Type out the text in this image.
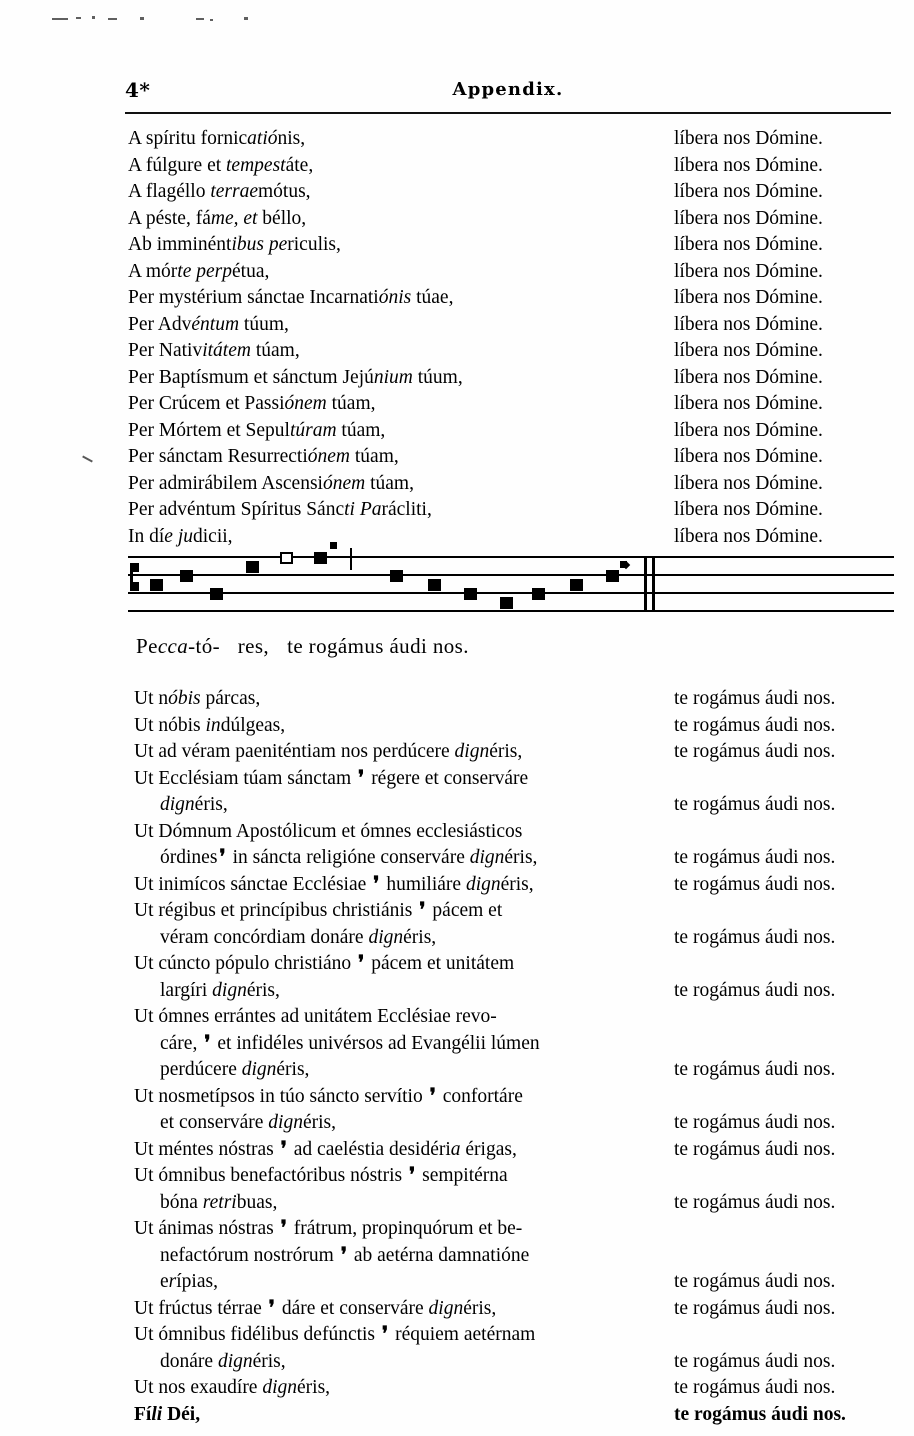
4*	Appendix.
A spíritu fornicatiónis,	líbera nos Dómine.
A fúlgure et tempestáte,	líbera nos Dómine.
A flagéllo terraemótus,	líbera nos Dómine.
A péste, fáme, et béllo,	líbera nos Dómine.
Ab imminéntibus periculis,	líbera nos Dómine.
A mórte perpétua,	líbera nos Dómine.
Per mystérium sánctae Incarnatiónis túae,	líbera nos Dómine.
Per Advéntum túum,	líbera nos Dómine.
Per Nativitátem túam,	líbera nos Dómine.
Per Baptísmum et sánctum Jejúnium túum,	líbera nos Dómine.
Per Crúcem et Passiónem túam,	líbera nos Dómine.
Per Mórtem et Sepultúram túam,	líbera nos Dómine.
Per sánctam Resurrectiónem túam,	líbera nos Dómine.
Per admirábilem Ascensiónem túam,	líbera nos Dómine.
Per advéntum Spíritus Sáncti Parácliti,	líbera nos Dómine.
In díe judicii,	líbera nos Dómine.
Pecca-tó- res, te rogámus áudi nos.
Ut nóbis párcas,	te rogámus áudi nos.
Ut nóbis indúlgeas,	te rogámus áudi nos.
Ut ad véram paeniténtiam nos perdúcere dignéris,	te rogámus áudi nos.
Ut Ecclésiam túam sánctam ❜ régere et conserváre
dignéris,	te rogámus áudi nos.
Ut Dómnum Apostólicum et ómnes ecclesiásticos
órdines ❜ in sáncta religióne conserváre dignéris,	te rogámus áudi nos.
Ut inimícos sánctae Ecclésiae ❜ humiliáre dignéris,	te rogámus áudi nos.
Ut régibus et princípibus christiánis ❜ pácem et
véram concórdiam donáre dignéris,	te rogámus áudi nos.
Ut cúncto pópulo christiáno ❜ pácem et unitátem
largíri dignéris,	te rogámus áudi nos.
Ut ómnes errántes ad unitátem Ecclésiae revo-
cáre, ❜ et infidéles univérsos ad Evangélii lúmen
perdúcere dignéris,	te rogámus áudi nos.
Ut nosmetípsos in túo sáncto servítio ❜ confortáre
et conserváre dignéris,	te rogámus áudi nos.
Ut méntes nóstras ❜ ad caeléstia desidéria érigas,	te rogámus áudi nos.
Ut ómnibus benefactóribus nóstris ❜ sempitérna
bóna retribuas,	te rogámus áudi nos.
Ut ánimas nóstras ❜ frátrum, propinquórum et be-
nefactórum nostrórum ❜ ab aetérna damnatióne
erípias,	te rogámus áudi nos.
Ut frúctus térrae ❜ dáre et conserváre dignéris,	te rogámus áudi nos.
Ut ómnibus fidélibus defúnctis ❜ réquiem aetérnam
donáre dignéris,	te rogámus áudi nos.
Ut nos exaudíre dignéris,	te rogámus áudi nos.
Fíli Déi,	te rogámus áudi nos.
